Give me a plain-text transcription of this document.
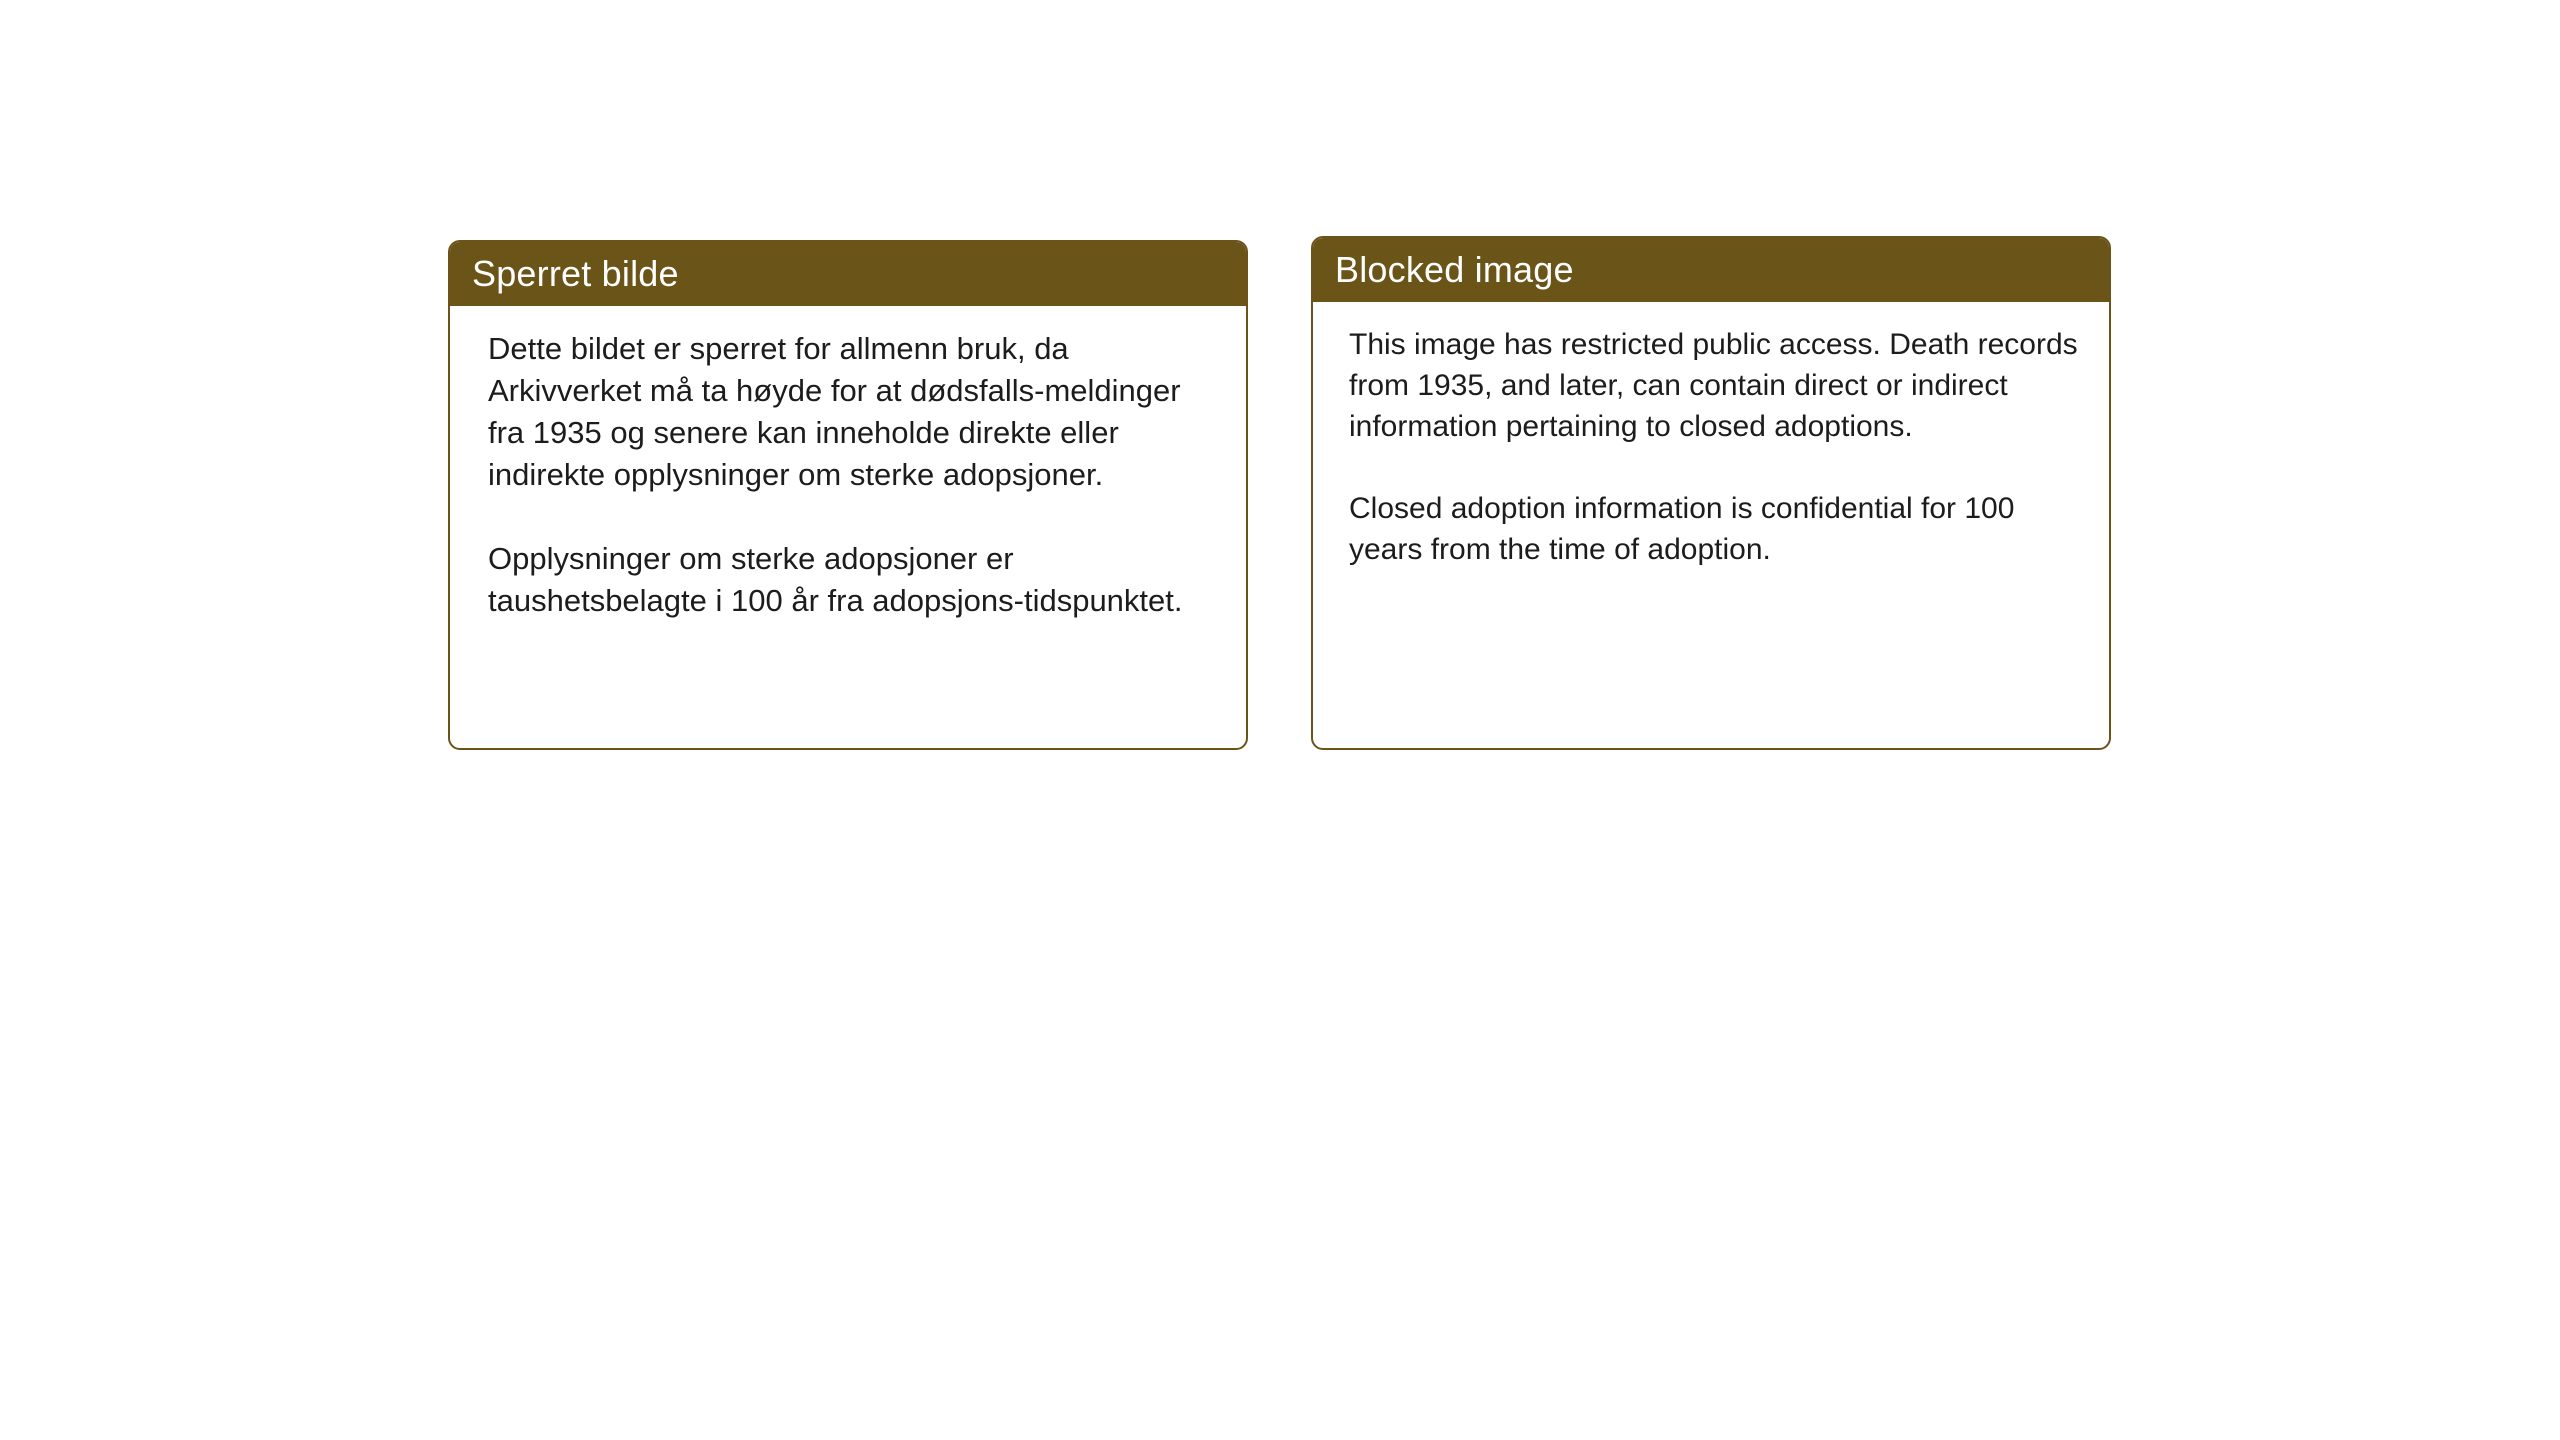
Sperret bilde

Dette bildet er sperret for allmenn bruk, da Arkivverket må ta høyde for at dødsfalls-meldinger fra 1935 og senere kan inneholde direkte eller indirekte opplysninger om sterke adopsjoner.

Opplysninger om sterke adopsjoner er taushetsbelagte i 100 år fra adopsjons-tidspunktet.

Blocked image

This image has restricted public access. Death records from 1935, and later, can contain direct or indirect information pertaining to closed adoptions.

Closed adoption information is confidential for 100 years from the time of adoption.
